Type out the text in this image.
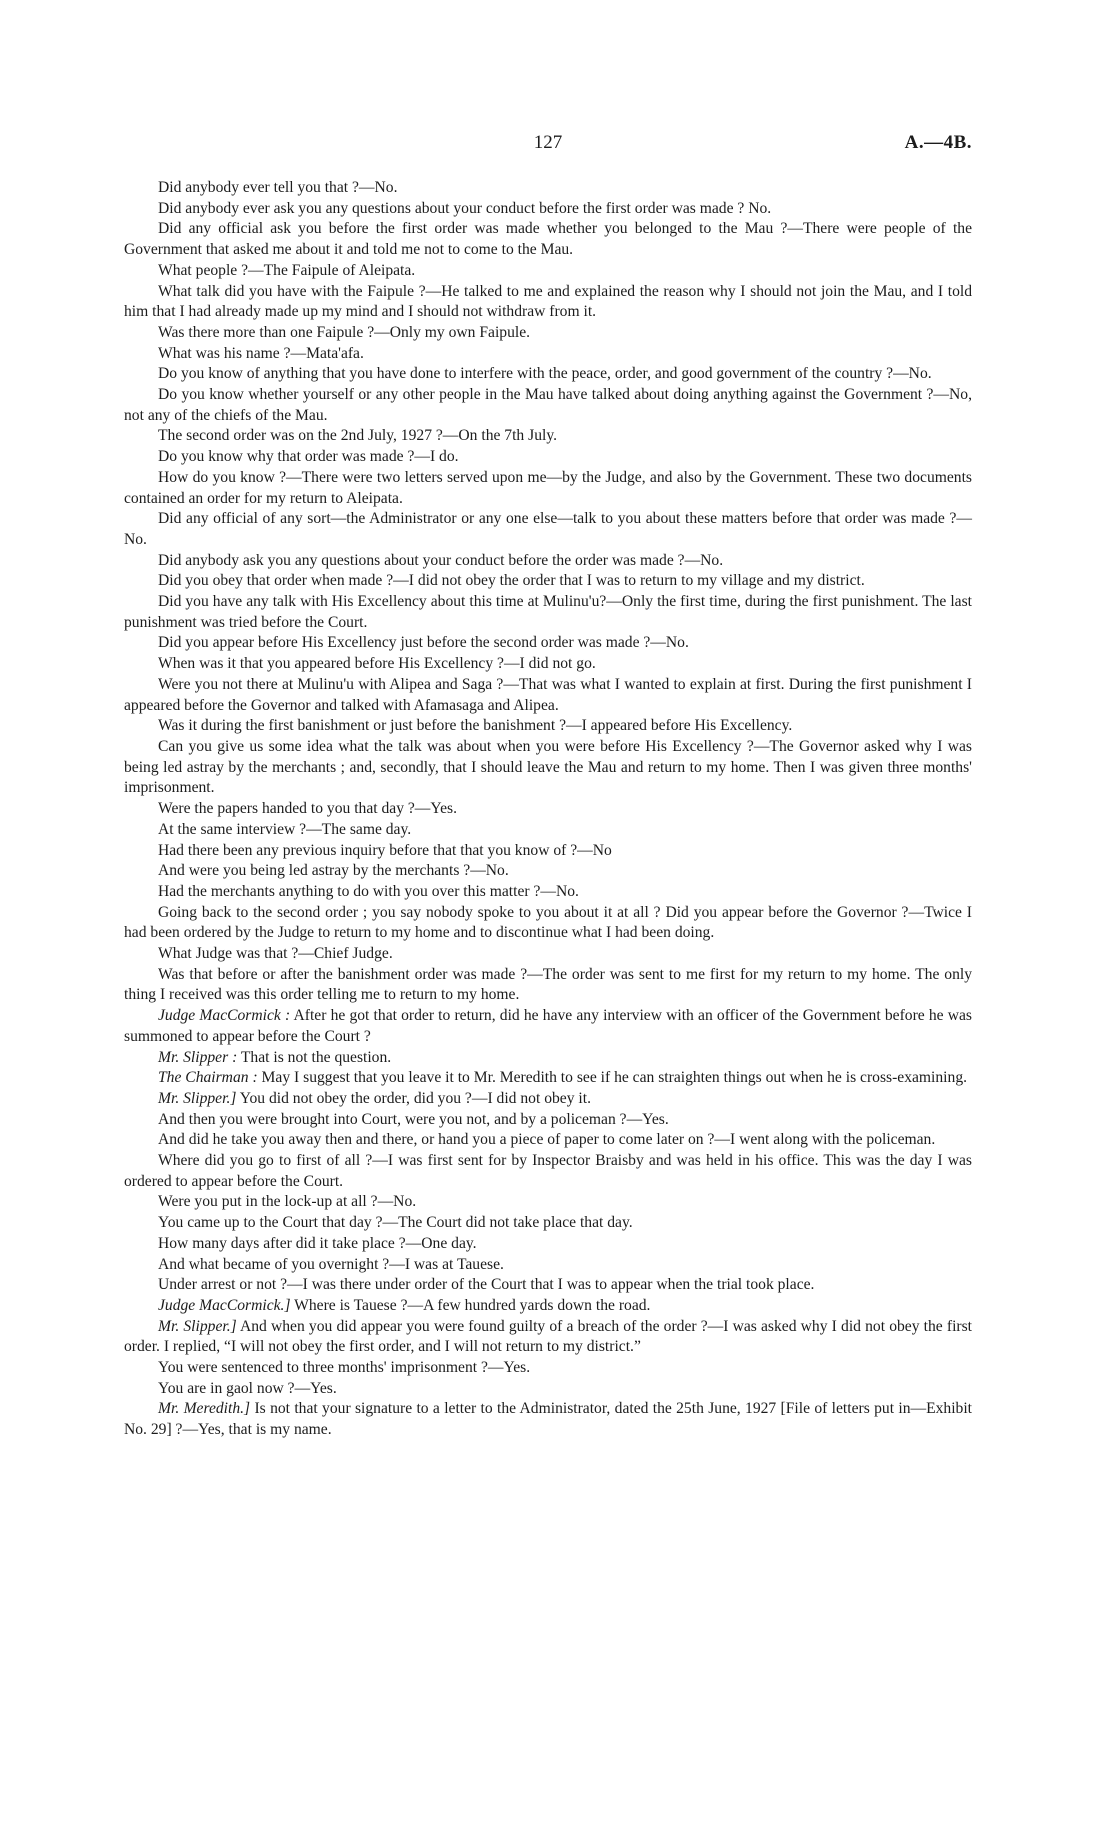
127	A.—4B.

Did anybody ever tell you that ?—No.

Did anybody ever ask you any questions about your conduct before the first order was made ? No.

Did any official ask you before the first order was made whether you belonged to the Mau ?—There were people of the Government that asked me about it and told me not to come to the Mau.

What people ?—The Faipule of Aleipata.

What talk did you have with the Faipule ?—He talked to me and explained the reason why I should not join the Mau, and I told him that I had already made up my mind and I should not withdraw from it.

Was there more than one Faipule ?—Only my own Faipule.

What was his name ?—Mata'afa.

Do you know of anything that you have done to interfere with the peace, order, and good government of the country ?—No.

Do you know whether yourself or any other people in the Mau have talked about doing anything against the Government ?—No, not any of the chiefs of the Mau.

The second order was on the 2nd July, 1927 ?—On the 7th July.

Do you know why that order was made ?—I do.

How do you know ?—There were two letters served upon me—by the Judge, and also by the Government. These two documents contained an order for my return to Aleipata.

Did any official of any sort—the Administrator or any one else—talk to you about these matters before that order was made ?—No.

Did anybody ask you any questions about your conduct before the order was made ?—No.

Did you obey that order when made ?—I did not obey the order that I was to return to my village and my district.

Did you have any talk with His Excellency about this time at Mulinu'u?—Only the first time, during the first punishment. The last punishment was tried before the Court.

Did you appear before His Excellency just before the second order was made ?—No.

When was it that you appeared before His Excellency ?—I did not go.

Were you not there at Mulinu'u with Alipea and Saga ?—That was what I wanted to explain at first. During the first punishment I appeared before the Governor and talked with Afamasaga and Alipea.

Was it during the first banishment or just before the banishment ?—I appeared before His Excellency.

Can you give us some idea what the talk was about when you were before His Excellency ?—The Governor asked why I was being led astray by the merchants ; and, secondly, that I should leave the Mau and return to my home. Then I was given three months' imprisonment.

Were the papers handed to you that day ?—Yes.

At the same interview ?—The same day.

Had there been any previous inquiry before that that you know of ?—No

And were you being led astray by the merchants ?—No.

Had the merchants anything to do with you over this matter ?—No.

Going back to the second order ; you say nobody spoke to you about it at all ? Did you appear before the Governor ?—Twice I had been ordered by the Judge to return to my home and to discontinue what I had been doing.

What Judge was that ?—Chief Judge.

Was that before or after the banishment order was made ?—The order was sent to me first for my return to my home. The only thing I received was this order telling me to return to my home.

Judge MacCormick : After he got that order to return, did he have any interview with an officer of the Government before he was summoned to appear before the Court ?

Mr. Slipper : That is not the question.

The Chairman : May I suggest that you leave it to Mr. Meredith to see if he can straighten things out when he is cross-examining.

Mr. Slipper.] You did not obey the order, did you ?—I did not obey it.

And then you were brought into Court, were you not, and by a policeman ?—Yes.

And did he take you away then and there, or hand you a piece of paper to come later on ?—I went along with the policeman.

Where did you go to first of all ?—I was first sent for by Inspector Braisby and was held in his office. This was the day I was ordered to appear before the Court.

Were you put in the lock-up at all ?—No.

You came up to the Court that day ?—The Court did not take place that day.

How many days after did it take place ?—One day.

And what became of you overnight ?—I was at Tauese.

Under arrest or not ?—I was there under order of the Court that I was to appear when the trial took place.

Judge MacCormick.] Where is Tauese ?—A few hundred yards down the road.

Mr. Slipper.] And when you did appear you were found guilty of a breach of the order ?—I was asked why I did not obey the first order. I replied, “I will not obey the first order, and I will not return to my district.”

You were sentenced to three months' imprisonment ?—Yes.

You are in gaol now ?—Yes.

Mr. Meredith.] Is not that your signature to a letter to the Administrator, dated the 25th June, 1927 [File of letters put in—Exhibit No. 29] ?—Yes, that is my name.
